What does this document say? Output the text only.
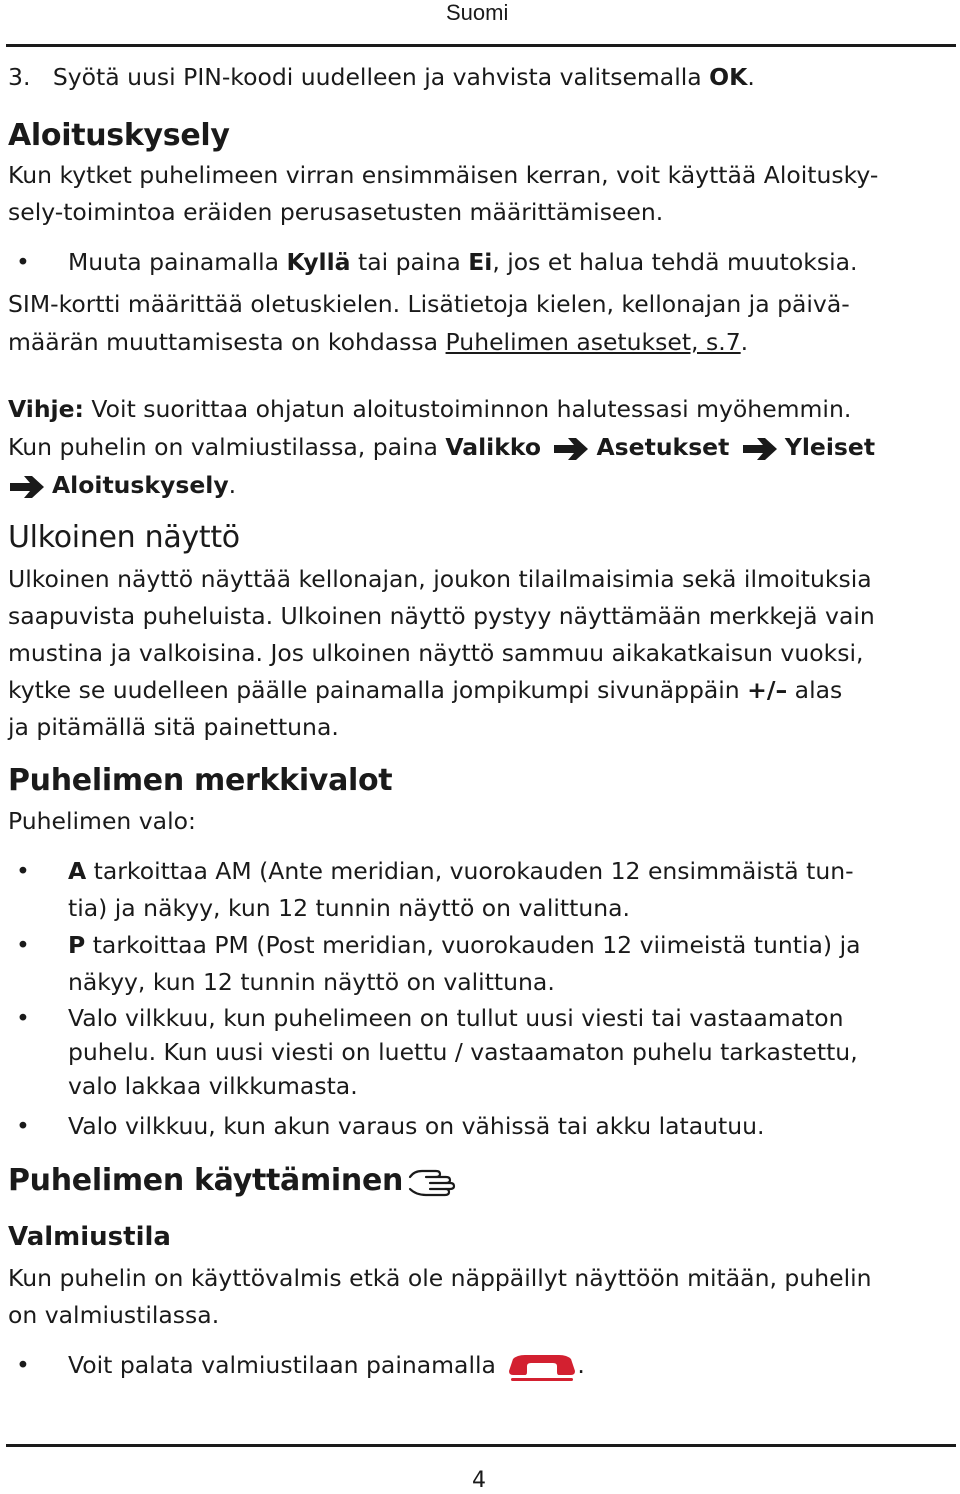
Suomi

3.   Syötä uusi PIN-koodi uudelleen ja vahvista valitsemalla OK.

Aloituskysely

Kun kytket puhelimeen virran ensimmäisen kerran, voit käyttää Aloitusky-

sely-toimintoa eräiden perusasetusten määrittämiseen.

• Muuta painamalla Kyllä tai paina Ei, jos et halua tehdä muutoksia.

SIM-kortti määrittää oletuskielen. Lisätietoja kielen, kellonajan ja päivä-

määrän muuttamisesta on kohdassa Puhelimen asetukset, s.7.

Vihje: Voit suorittaa ohjatun aloitustoiminnon halutessasi myöhemmin.

Kun puhelin on valmiustilassa, paina Valikko Asetukset Yleiset

Aloituskysely.

Ulkoinen näyttö

Ulkoinen näyttö näyttää kellonajan, joukon tilailmaisimia sekä ilmoituksia

saapuvista puheluista. Ulkoinen näyttö pystyy näyttämään merkkejä vain

mustina ja valkoisina. Jos ulkoinen näyttö sammuu aikakatkaisun vuoksi,

kytke se uudelleen päälle painamalla jompikumpi sivunäppäin +/– alas

ja pitämällä sitä painettuna.

Puhelimen merkkivalot

Puhelimen valo:

• A tarkoittaa AM (Ante meridian, vuorokauden 12 ensimmäistä tun-
tia) ja näkyy, kun 12 tunnin näyttö on valittuna.
• P tarkoittaa PM (Post meridian, vuorokauden 12 viimeistä tuntia) ja
näkyy, kun 12 tunnin näyttö on valittuna.
• Valo vilkkuu, kun puhelimeen on tullut uusi viesti tai vastaamaton
puhelu. Kun uusi viesti on luettu / vastaamaton puhelu tarkastettu,
valo lakkaa vilkkumasta.
• Valo vilkkuu, kun akun varaus on vähissä tai akku latautuu.
Puhelimen käyttäminen
Valmiustila

Kun puhelin on käyttövalmis etkä ole näppäillyt näyttöön mitään, puhelin

on valmiustilassa.

• Voit palata valmiustilaan painamalla	.
4
